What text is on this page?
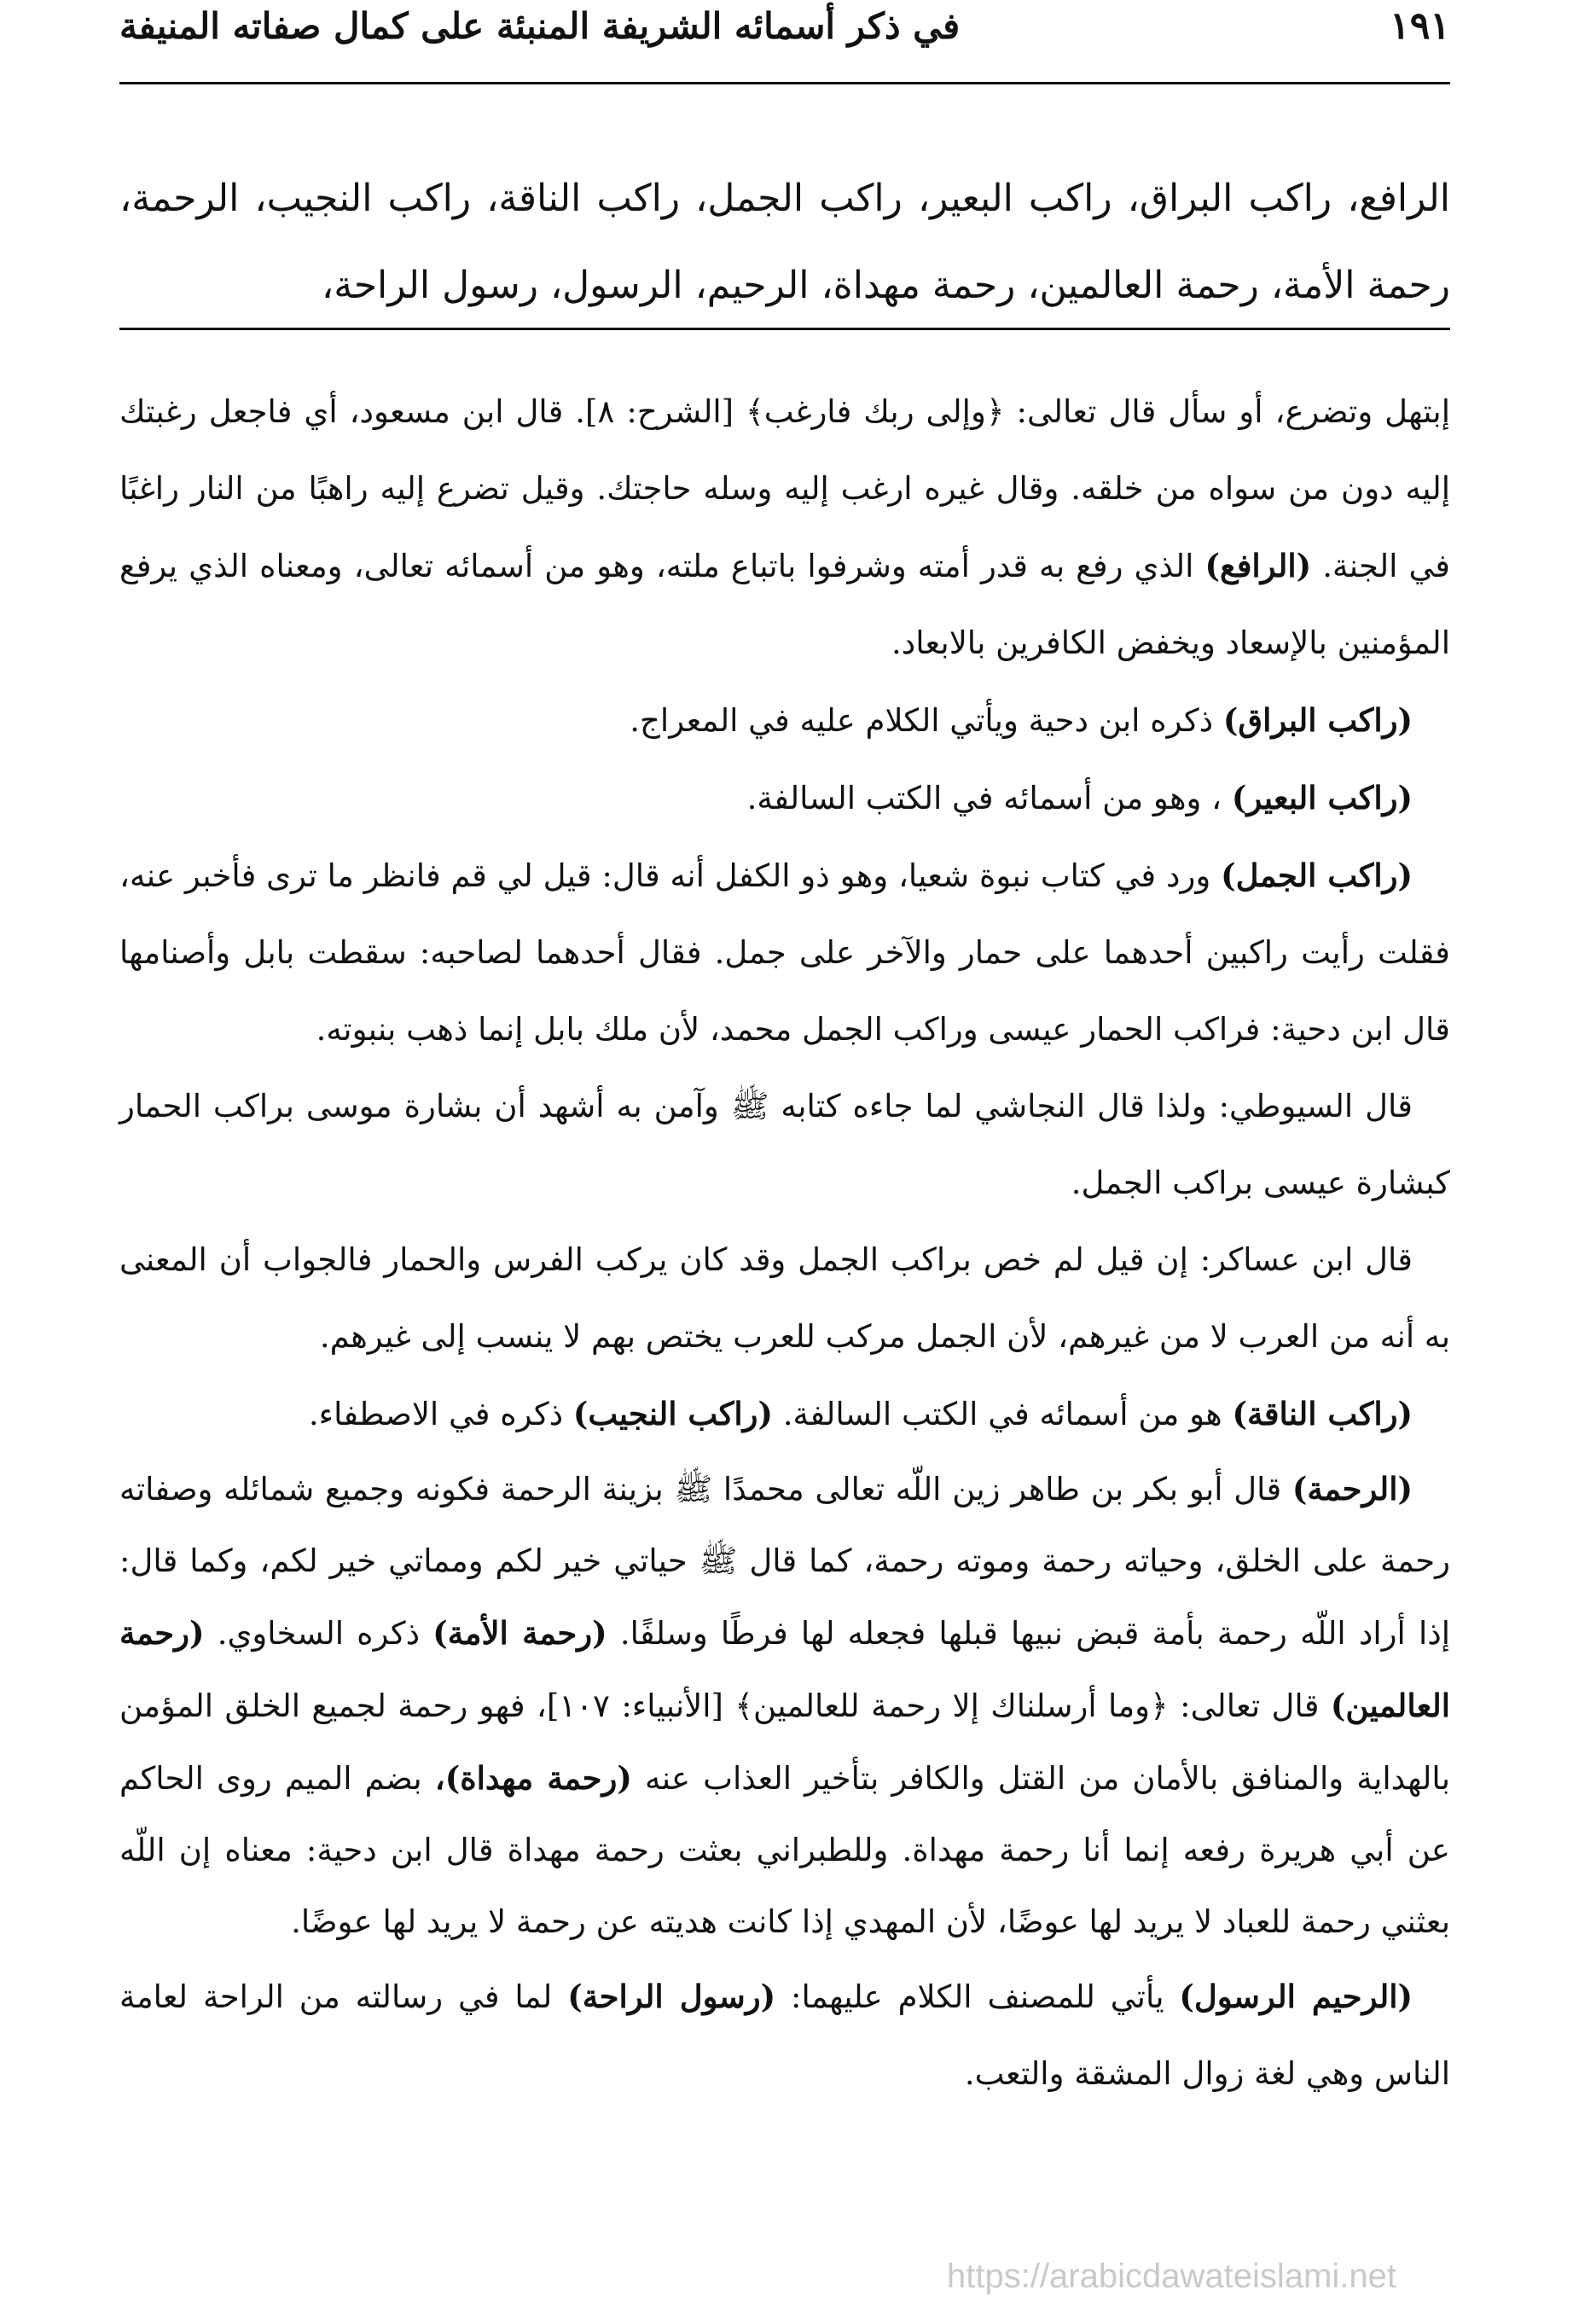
في ذكر أسمائه الشريفة المنبئة على كمال صفاته المنيفة	١٩١

الرافع، راكب البراق، راكب البعير، راكب الجمل، راكب الناقة، راكب النجيب، الرحمة، رحمة الأمة، رحمة العالمين، رحمة مهداة، الرحيم، الرسول، رسول الراحة،

إبتهل وتضرع، أو سأل قال تعالى: ﴿وإلى ربك فارغب﴾ [الشرح: ٨]. قال ابن مسعود، أي فاجعل رغبتك إليه دون من سواه من خلقه. وقال غيره ارغب إليه وسله حاجتك. وقيل تضرع إليه راهبًا من النار راغبًا في الجنة. (الرافع) الذي رفع به قدر أمته وشرفوا باتباع ملته، وهو من أسمائه تعالى، ومعناه الذي يرفع المؤمنين بالإسعاد ويخفض الكافرين بالابعاد.

(راكب البراق) ذكره ابن دحية ويأتي الكلام عليه في المعراج.

(راكب البعير) ، وهو من أسمائه في الكتب السالفة.

(راكب الجمل) ورد في كتاب نبوة شعيا، وهو ذو الكفل أنه قال: قيل لي قم فانظر ما ترى فأخبر عنه، فقلت رأيت راكبين أحدهما على حمار والآخر على جمل. فقال أحدهما لصاحبه: سقطت بابل وأصنامها قال ابن دحية: فراكب الحمار عيسى وراكب الجمل محمد، لأن ملك بابل إنما ذهب بنبوته.

قال السيوطي: ولذا قال النجاشي لما جاءه كتابه ﷺ وآمن به أشهد أن بشارة موسى براكب الحمار كبشارة عيسى براكب الجمل.

قال ابن عساكر: إن قيل لم خص براكب الجمل وقد كان يركب الفرس والحمار فالجواب أن المعنى به أنه من العرب لا من غيرهم، لأن الجمل مركب للعرب يختص بهم لا ينسب إلى غيرهم.

(راكب الناقة) هو من أسمائه في الكتب السالفة. (راكب النجيب) ذكره في الاصطفاء.

(الرحمة) قال أبو بكر بن طاهر زين اللّه تعالى محمدًا ﷺ بزينة الرحمة فكونه وجميع شمائله وصفاته رحمة على الخلق، وحياته رحمة وموته رحمة، كما قال ﷺ حياتي خير لكم ومماتي خير لكم، وكما قال: إذا أراد اللّه رحمة بأمة قبض نبيها قبلها فجعله لها فرطًا وسلفًا. (رحمة الأمة) ذكره السخاوي. (رحمة العالمين) قال تعالى: ﴿وما أرسلناك إلا رحمة للعالمين﴾ [الأنبياء: ١٠٧]، فهو رحمة لجميع الخلق المؤمن بالهداية والمنافق بالأمان من القتل والكافر بتأخير العذاب عنه (رحمة مهداة)، بضم الميم روى الحاكم عن أبي هريرة رفعه إنما أنا رحمة مهداة. وللطبراني بعثت رحمة مهداة قال ابن دحية: معناه إن اللّه بعثني رحمة للعباد لا يريد لها عوضًا، لأن المهدي إذا كانت هديته عن رحمة لا يريد لها عوضًا.

(الرحيم الرسول) يأتي للمصنف الكلام عليهما: (رسول الراحة) لما في رسالته من الراحة لعامة الناس وهي لغة زوال المشقة والتعب.

https://arabicdawateislami.net
